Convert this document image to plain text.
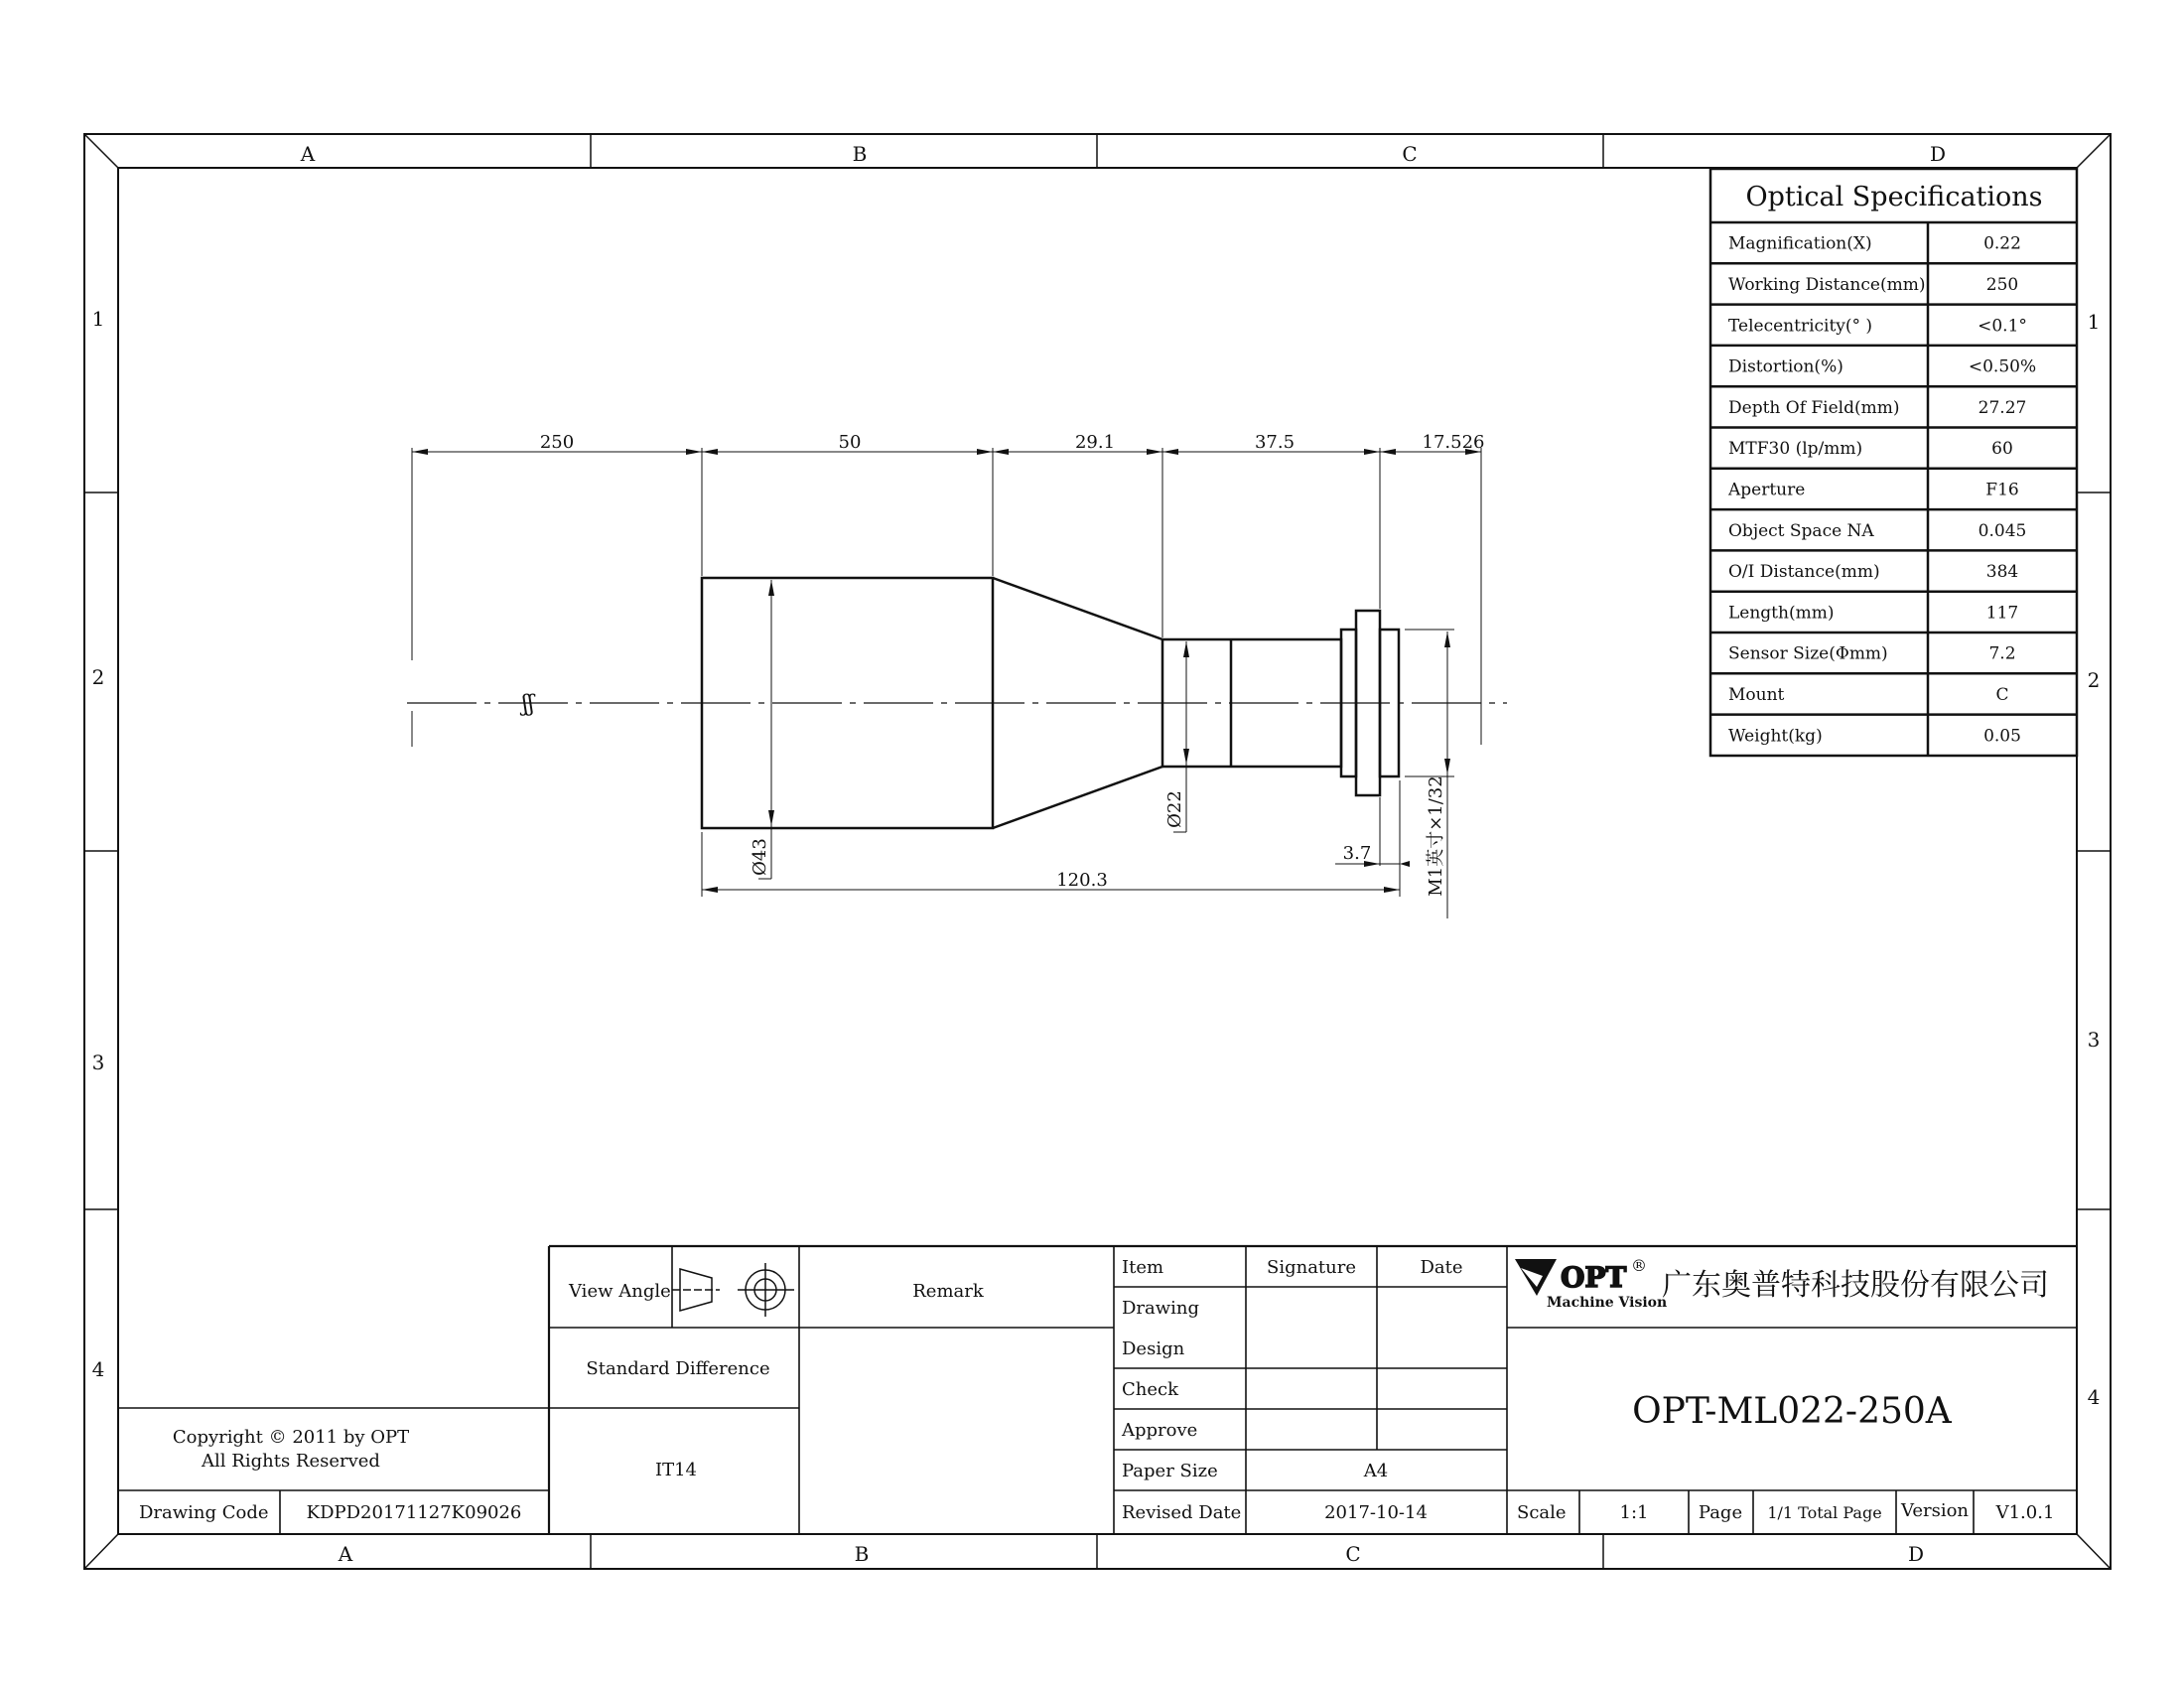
A	B	C	D
A	B	C	D
1
2
3
4
1
2
3
4
Optical Specifications
Magnification(X)	0.22
Working Distance(mm)	250
Telecentricity(° )	<0.1°
Distortion(%)	<0.50%
Depth Of Field(mm)	27.27
MTF30 (lp/mm)	60
Aperture	F16
Object Space NA	0.045
O/I Distance(mm)	384
Length(mm)	117
Sensor Size(Φmm)	7.2
Mount	C
Weight(kg)	0.05
250	50	29.1	37.5	17.526
120.3
3.7
Ø43
Ø22	M1英寸×1/32
ʃʃ
View Angle	Remark
Item	Signature	Date
Drawing
Design
Check
Approve
Paper Size	A4
Revised Date	2017-10-14
Standard Difference
IT14
Copyright © 2011 by OPT
All Rights Reserved
Drawing Code KDPD20171127K09026	Scale	1:1	Page 1/1 Total Page Version V1.0.1
OPT ®
Machine Vision
广东奥普特科技股份有限公司
OPT-ML022-250A
